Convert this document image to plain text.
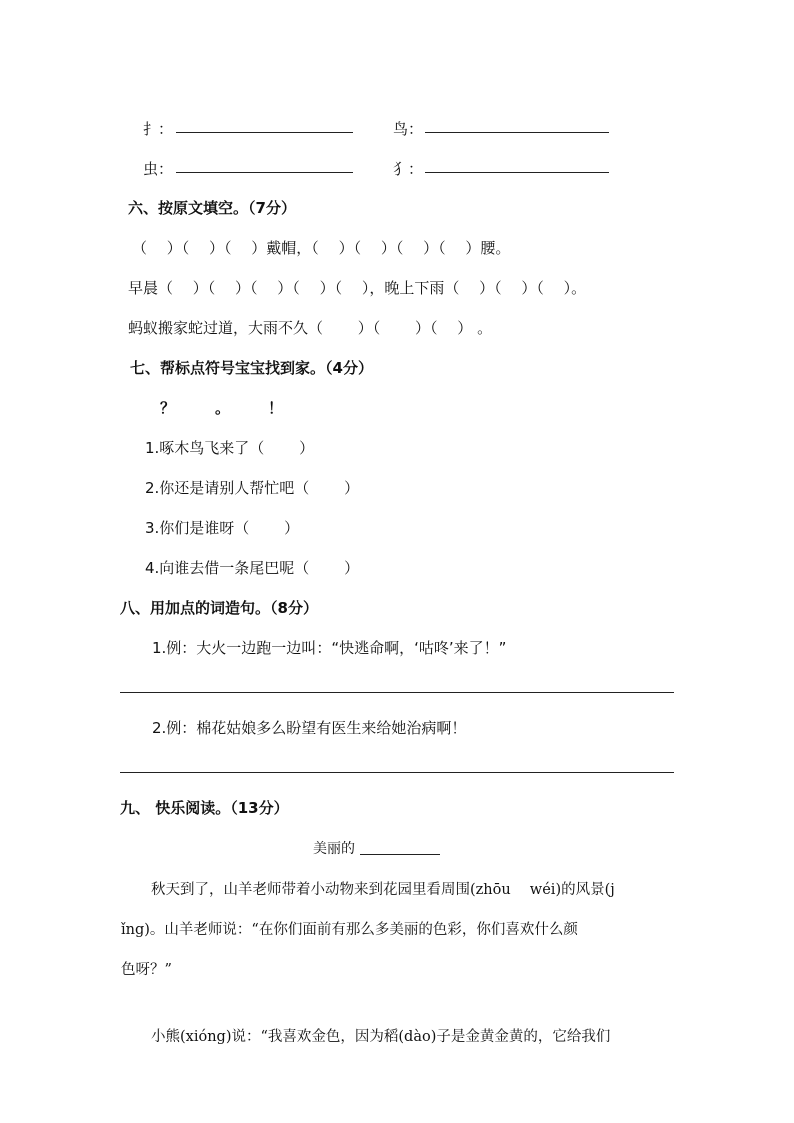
扌：	鸟：
虫：	犭：
六、按原文填空。（7分）
（　 ）（　 ）（　 ）戴帽，（　 ）（　 ）（　 ）（　 ）腰。
早晨（　 ）（　 ）（　 ）（　 ）（　 ），晚上下雨（　 ）（　 ）（　 ）。
蚂蚁搬家蛇过道，大雨不久（　 　）（　 　）（　 ） 。
七、帮标点符号宝宝找到家。（4分）
？	。	！
1.啄木鸟飞来了（　　 ）
2.你还是请别人帮忙吧（　　 ）
3.你们是谁呀（　　 ）
4.向谁去借一条尾巴呢（　　 ）
八、用加点的词造句。（8分）
1.例：大火一边跑一边叫：“快逃命啊，‘咕咚’来了！”
2.例：棉花姑娘多么盼望有医生来给她治病啊！
九、 快乐阅读。（13分）
美丽的
秋天到了，山羊老师带着小动物来到花园里看周围(zhōu　 wéi)的风景(j
ǐng)。山羊老师说：“在你们面前有那么多美丽的色彩，你们喜欢什么颜
色呀？”
小熊(xióng)说：“我喜欢金色，因为稻(dào)子是金黄金黄的，它给我们
